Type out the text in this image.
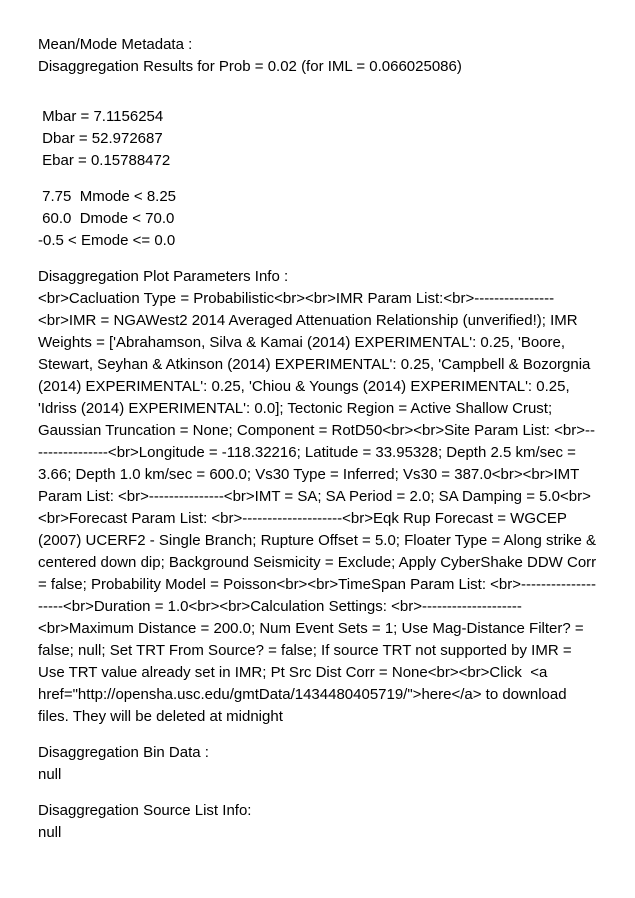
Mean/Mode Metadata :
Disaggregation Results for Prob = 0.02 (for IML = 0.066025086)
Mbar = 7.1156254
Dbar = 52.972687
Ebar = 0.15788472
7.75  Mmode < 8.25
60.0  Dmode < 70.0
-0.5 < Emode <= 0.0
Disaggregation Plot Parameters Info :
<br>Cacluation Type = Probabilistic<br><br>IMR Param List:<br>----------------<br>IMR = NGAWest2 2014 Averaged Attenuation Relationship (unverified!); IMR Weights = ['Abrahamson, Silva & Kamai (2014) EXPERIMENTAL': 0.25, 'Boore, Stewart, Seyhan & Atkinson (2014) EXPERIMENTAL': 0.25, 'Campbell & Bozorgnia (2014) EXPERIMENTAL': 0.25, 'Chiou & Youngs (2014) EXPERIMENTAL': 0.25, 'Idriss (2014) EXPERIMENTAL': 0.0]; Tectonic Region = Active Shallow Crust; Gaussian Truncation = None; Component = RotD50<br><br>Site Param List: <br>----------------<br>Longitude = -118.32216; Latitude = 33.95328; Depth 2.5 km/sec = 3.66; Depth 1.0 km/sec = 600.0; Vs30 Type = Inferred; Vs30 = 387.0<br><br>IMT Param List: <br>---------------<br>IMT = SA; SA Period = 2.0; SA Damping = 5.0<br><br>Forecast Param List: <br>--------------------<br>Eqk Rup Forecast = WGCEP (2007) UCERF2 - Single Branch; Rupture Offset = 5.0; Floater Type = Along strike & centered down dip; Background Seismicity = Exclude; Apply CyberShake DDW Corr = false; Probability Model = Poisson<br><br>TimeSpan Param List: <br>--------------------<br>Duration = 1.0<br><br>Calculation Settings: <br>--------------------<br>Maximum Distance = 200.0; Num Event Sets = 1; Use Mag-Distance Filter? = false; null; Set TRT From Source? = false; If source TRT not supported by IMR = Use TRT value already set in IMR; Pt Src Dist Corr = None<br><br>Click  <a href="http://opensha.usc.edu/gmtData/1434480405719/">here</a> to download files. They will be deleted at midnight
Disaggregation Bin Data :
null
Disaggregation Source List Info:
null
